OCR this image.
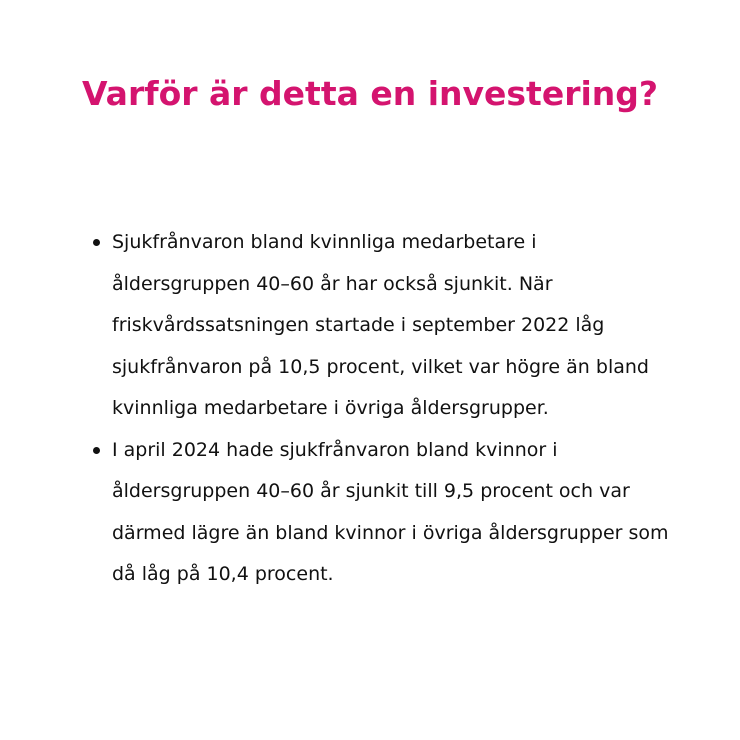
Varför är detta en investering?
Sjukfrånvaron bland kvinnliga medarbetare i åldersgruppen 40–60 år har också sjunkit. När friskvårdssatsningen startade i september 2022 låg sjukfrånvaron på 10,5 procent, vilket var högre än bland kvinnliga medarbetare i övriga åldersgrupper.
I april 2024 hade sjukfrånvaron bland kvinnor i åldersgruppen 40–60 år sjunkit till 9,5 procent och var därmed lägre än bland kvinnor i övriga åldersgrupper som då låg på 10,4 procent.
